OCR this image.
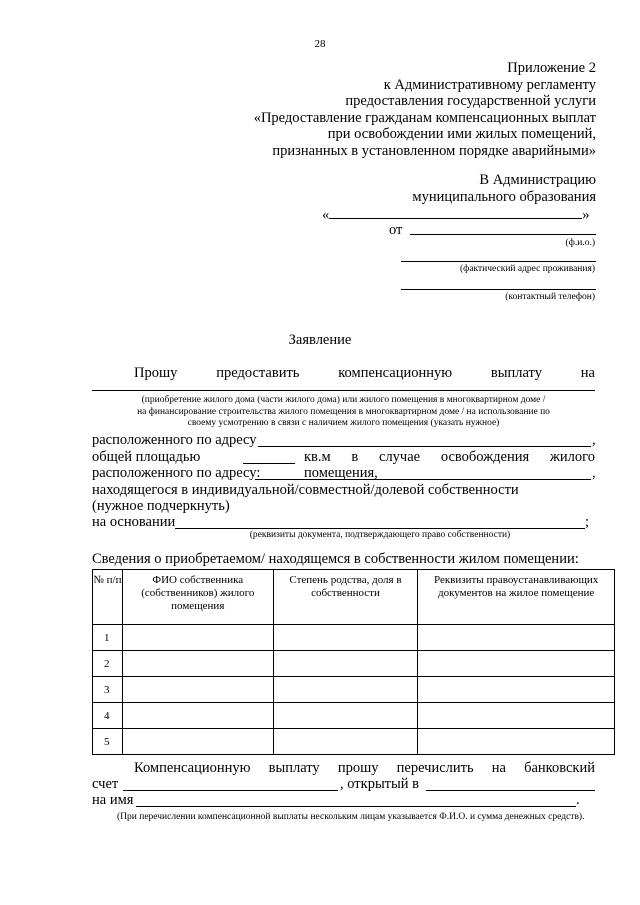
28
Приложение 2
к Административному регламенту
предоставления государственной услуги
«Предоставление гражданам компенсационных выплат
при освобождении ими жилых помещений,
признанных в установленном порядке аварийными»
В Администрацию
муниципального образования
«	»
от
(ф.и.о.)
(фактический адрес проживания)
(контактный телефон)
Заявление
Прошу	предоставить	компенсационную	выплату	на
(приобретение жилого дома (части жилого дома) или жилого помещения в многоквартирном доме /
на финансирование строительства жилого помещения в многоквартирном доме / на использование по
своему усмотрению в связи с наличием жилого помещения (указать нужное)
расположенного по адресу	,
общей площадью	кв.м в случае освобождения жилого помещения,
расположенного по адресу:	,
находящегося в индивидуальной/совместной/долевой собственности
(нужное подчеркнуть)
на основании	;
(реквизиты документа, подтверждающего право собственности)
Сведения о приобретаемом/ находящемся в собственности жилом помещении:
№ п/п	ФИО собственника (собственников) жилого помещения	Степень родства, доля в собственности	Реквизиты правоустанавливающих документов на жилое помещение
1			
2			
3			
4			
5			
Компенсационную выплату прошу перечислить на банковский
счет	, открытый в
на имя	.
(При перечислении компенсационной выплаты нескольким лицам указывается Ф.И.О. и сумма денежных средств).
